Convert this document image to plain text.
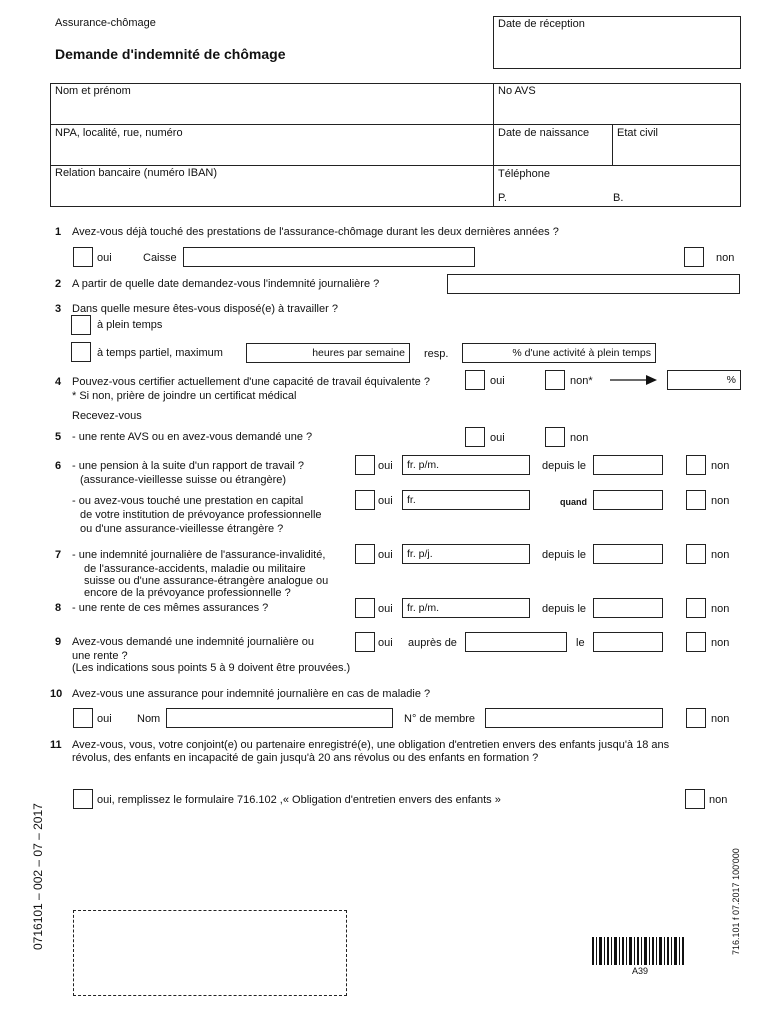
Assurance-chômage
Demande d'indemnité de chômage
Date de réception
Nom et prénom	No AVS
NPA, localité, rue, numéro	Date de naissance	Etat civil
Relation bancaire (numéro IBAN)	Téléphone
P.	B.
1 Avez-vous déjà touché des prestations de l'assurance-chômage durant les deux dernières années ?
oui	Caisse	non
2 A partir de quelle date demandez-vous l'indemnité journalière ?
3 Dans quelle mesure êtes-vous disposé(e) à travailler ?
à plein temps
à temps partiel, maximum	heures par semaine	resp.	% d'une activité à plein temps
4 Pouvez-vous certifier actuellement d'une capacité de travail équivalente ?
* Si non, prière de joindre un certificat médical
oui	non*	%
Recevez-vous
5 - une rente AVS ou en avez-vous demandé une ?	oui	non
6 - une pension à la suite d'un rapport de travail ?
(assurance-vieillesse suisse ou étrangère)
oui	fr. p/m.	depuis le	non
- ou avez-vous touché une prestation en capital
de votre institution de prévoyance professionnelle
ou d'une assurance-vieillesse étrangère ?
oui	fr.	quand	non
7 - une indemnité journalière de l'assurance-invalidité,
de l'assurance-accidents, maladie ou militaire
suisse ou d'une assurance-étrangère analogue ou
encore de la prévoyance professionnelle ?
oui	fr. p/j.	depuis le	non
8 - une rente de ces mêmes assurances ?	oui	fr. p/m.	depuis le	non
9 Avez-vous demandé une indemnité journalière ou
une rente ?
(Les indications sous points 5 à 9 doivent être prouvées.)
oui auprès de	le	non
10 Avez-vous une assurance pour indemnité journalière en cas de maladie ?
oui Nom	N° de membre	non
11 Avez-vous, vous, votre conjoint(e) ou partenaire enregistré(e), une obligation d'entretien envers des enfants jusqu'à 18 ans
révolus, des enfants en incapacité de gain jusqu'à 20 ans révolus ou des enfants en formation ?
oui, remplissez le formulaire 716.102 ,« Obligation d'entretien envers des enfants »	non
0716101 – 002 – 07 – 2017	716.101 f 07.2017 100'000
A39
